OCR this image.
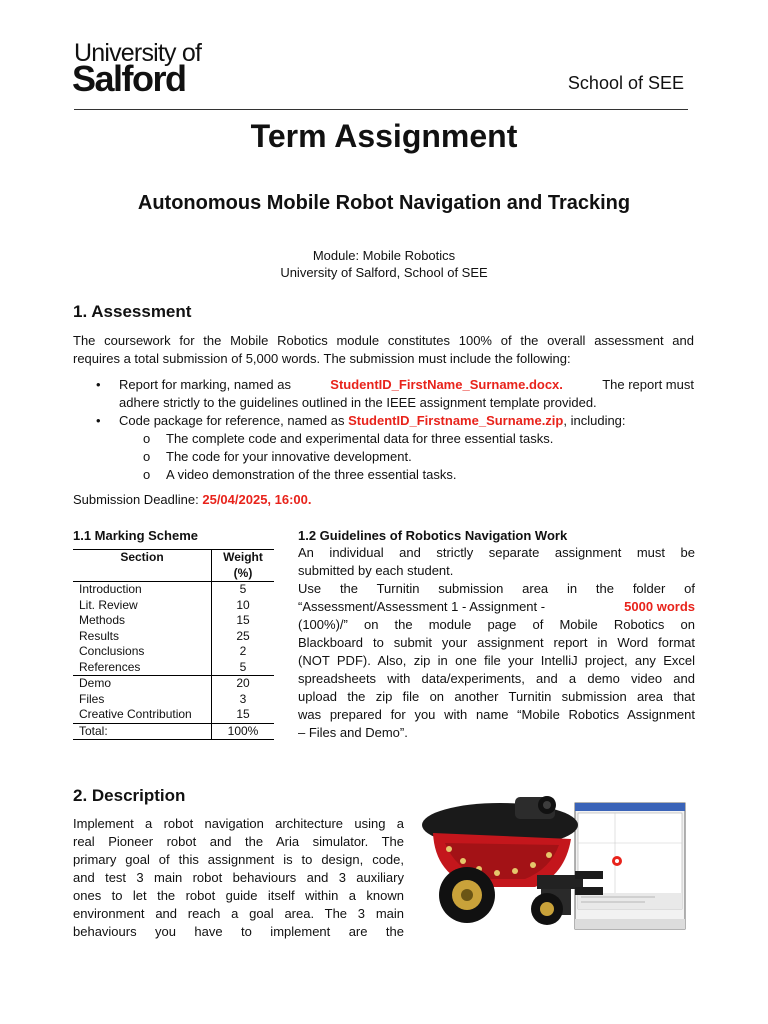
University of
Salford	School of SEE
Term Assignment
Autonomous Mobile Robot Navigation and Tracking
Module: Mobile Robotics
University of Salford, School of SEE
1. Assessment
The coursework for the Mobile Robotics module constitutes 100% of the overall assessment and
requires a total submission of 5,000 words. The submission must include the following:
• Report for marking, named as	StudentID_FirstName_Surname.docx.	The report must
adhere strictly to the guidelines outlined in the IEEE assignment template provided.
• Code package for reference, named as StudentID_Firstname_Surname.zip, including:
o The complete code and experimental data for three essential tasks.
o The code for your innovative development.
o A video demonstration of the three essential tasks.
Submission Deadline: 25/04/2025, 16:00.
1.1 Marking Scheme
Section	Weight
(%)

Introduction	5
Lit. Review	10
Methods	15
Results	25
Conclusions	2
References	5
Demo	20
Files	3
Creative Contribution	15
Total:	100%
1.2 Guidelines of Robotics Navigation Work
An individual and strictly separate assignment must be
submitted by each student.
Use the Turnitin submission area in the folder of
“Assessment/Assessment 1 - Assignment -	5000 words
(100%)/” on the module page of Mobile Robotics on
Blackboard to submit your assignment report in Word format
(NOT PDF). Also, zip in one file your IntelliJ project, any Excel
spreadsheets with data/experiments, and a demo video and
upload the zip file on another Turnitin submission area that
was prepared for you with name “Mobile Robotics Assignment
– Files and Demo”.
2. Description
Implement a robot navigation architecture using a
real Pioneer robot and the Aria simulator. The
primary goal of this assignment is to design, code,
and test 3 main robot behaviours and 3 auxiliary
ones to let the robot guide itself within a known
environment and reach a goal area. The 3 main
behaviours you have to implement are the
